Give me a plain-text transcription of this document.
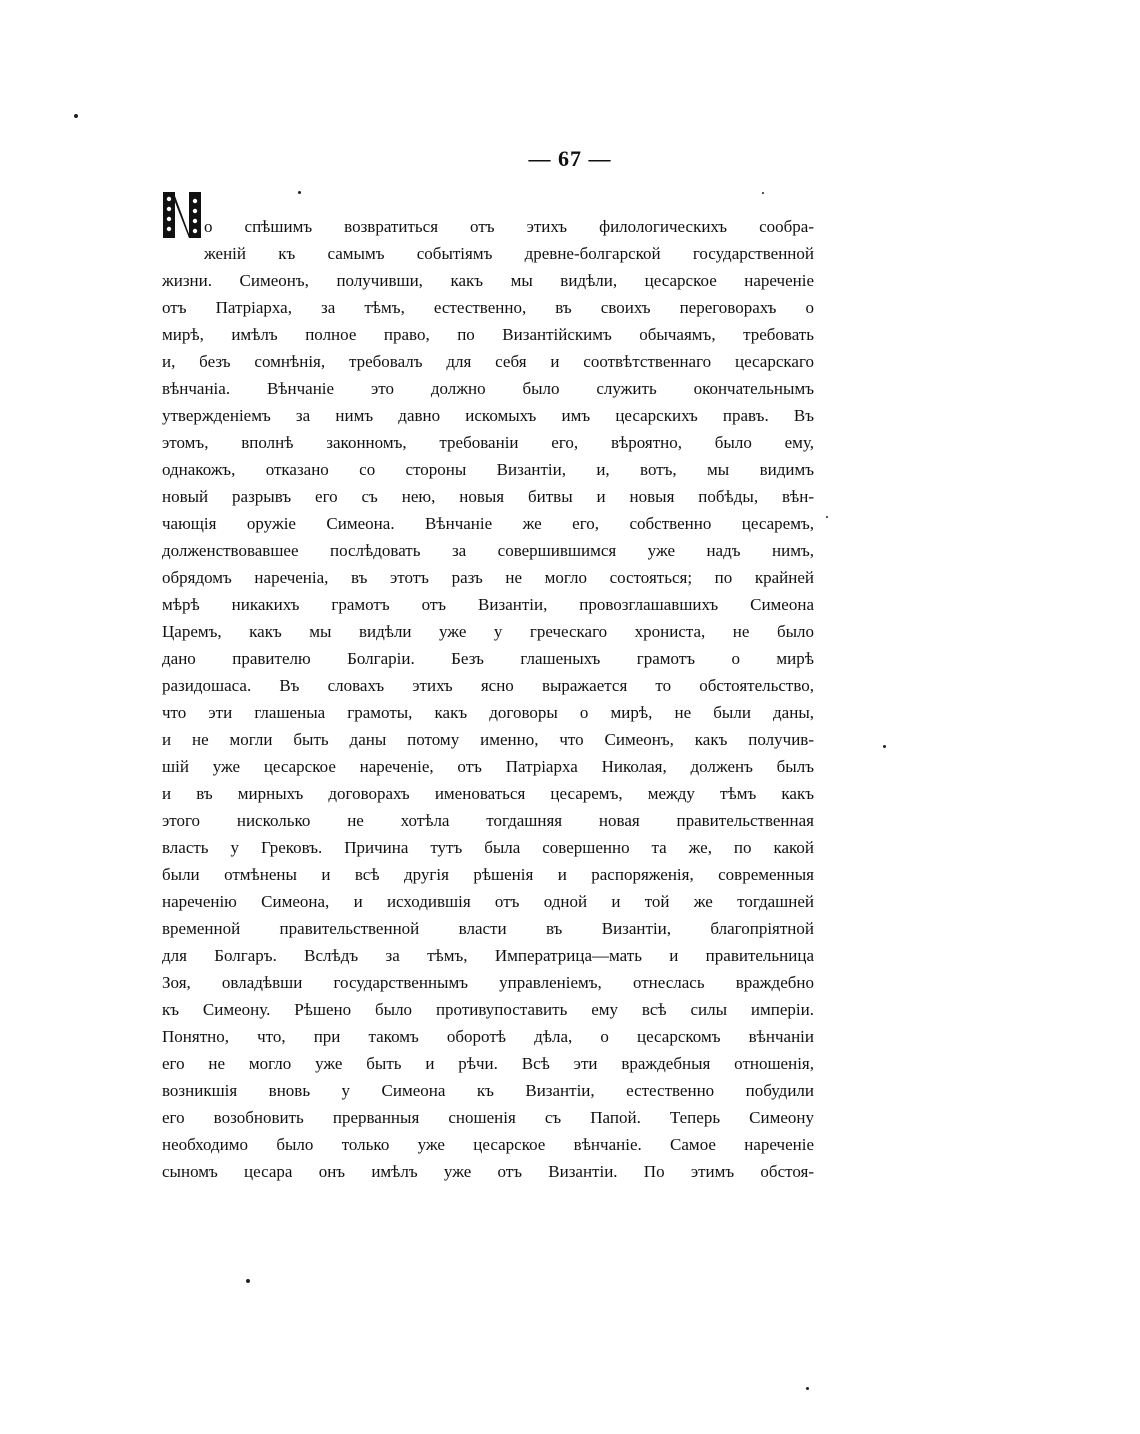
— 67 —
о спѣшимъ возвратиться отъ этихъ филологическихъ сообра-
женій къ самымъ событіямъ древне-болгарской государственной
жизни. Симеонъ, получивши, какъ мы видѣли, цесарское нареченіе
отъ Патріарха, за тѣмъ, естественно, въ своихъ переговорахъ о
мирѣ, имѣлъ полное право, по Византійскимъ обычаямъ, требовать
и, безъ сомнѣнія, требовалъ для себя и соотвѣтственнаго цесарскаго
вѣнчаніа. Вѣнчаніе это должно было служить окончательнымъ
утвержденіемъ за нимъ давно искомыхъ имъ цесарскихъ правъ. Въ
этомъ, вполнѣ законномъ, требованіи его, вѣроятно, было ему,
однакожъ, отказано со стороны Византіи, и, вотъ, мы видимъ
новый разрывъ его съ нею, новыя битвы и новыя побѣды, вѣн-
чающія оружіе Симеона. Вѣнчаніе же его, собственно цесаремъ,
долженствовавшее послѣдовать за совершившимся уже надъ нимъ,
обрядомъ нареченіа, въ этотъ разъ не могло состояться; по крайней
мѣрѣ никакихъ грамотъ отъ Византіи, провозглашавшихъ Симеона
Царемъ, какъ мы видѣли уже у греческаго хрониста, не было
дано правителю Болгаріи. Безъ глашеныхъ грамотъ о мирѣ
разидошаса. Въ словахъ этихъ ясно выражается то обстоятельство,
что эти глашеныа грамоты, какъ договоры о мирѣ, не были даны,
и не могли быть даны потому именно, что Симеонъ, какъ получив-
шій уже цесарское нареченіе, отъ Патріарха Николая, долженъ былъ
и въ мирныхъ договорахъ именоваться цесаремъ, между тѣмъ какъ
этого нисколько не хотѣла тогдашняя новая правительственная
власть у Грековъ. Причина тутъ была совершенно та же, по какой
были отмѣнены и всѣ другія рѣшенія и распоряженія, современныя
нареченію Симеона, и исходившія отъ одной и той же тогдашней
временной правительственной власти въ Византіи, благопріятной
для Болгаръ. Вслѣдъ за тѣмъ, Императрица—мать и правительница
Зоя, овладѣвши государственнымъ управленіемъ, отнеслась враждебно
къ Симеону. Рѣшено было противупоставить ему всѣ силы имперіи.
Понятно, что, при такомъ оборотѣ дѣла, о цесарскомъ вѣнчаніи
его не могло уже быть и рѣчи. Всѣ эти враждебныя отношенія,
возникшія вновь у Симеона къ Византіи, естественно побудили
его возобновить прерванныя сношенія съ Папой. Теперь Симеону
необходимо было только уже цесарское вѣнчаніе. Самое нареченіе
сыномъ цесара онъ имѣлъ уже отъ Византіи. По этимъ обстоя-
